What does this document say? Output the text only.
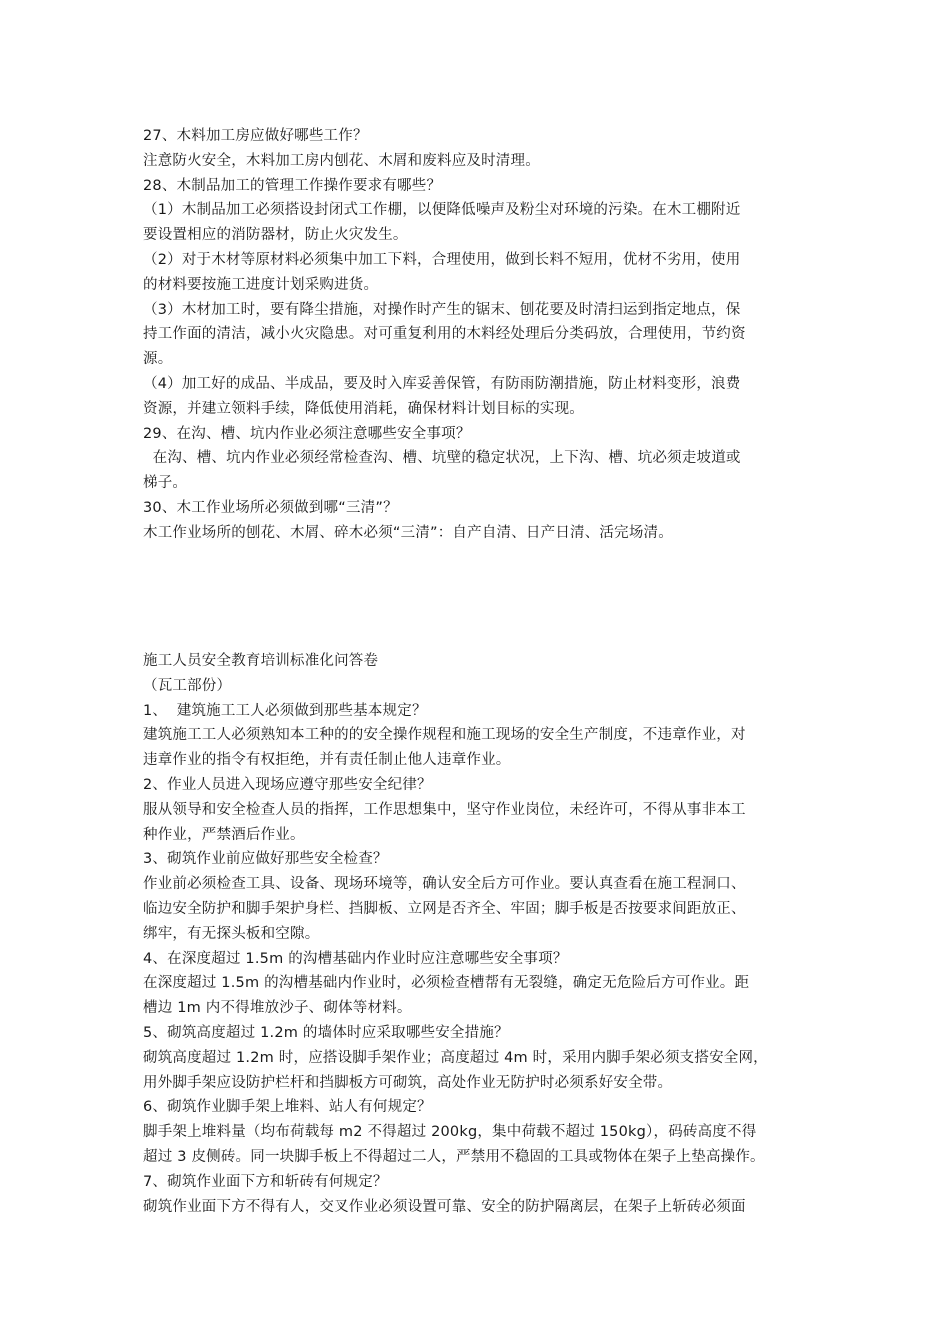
27、木料加工房应做好哪些工作？
注意防火安全，木料加工房内刨花、木屑和废料应及时清理。
28、木制品加工的管理工作操作要求有哪些？
（1）木制品加工必须搭设封闭式工作棚，以便降低噪声及粉尘对环境的污染。在木工棚附近
要设置相应的消防器材，防止火灾发生。
（2）对于木材等原材料必须集中加工下料，合理使用，做到长料不短用，优材不劣用，使用
的材料要按施工进度计划采购进货。
（3）木材加工时，要有降尘措施，对操作时产生的锯末、刨花要及时清扫运到指定地点，保
持工作面的清洁，减小火灾隐患。对可重复利用的木料经处理后分类码放，合理使用，节约资
源。
（4）加工好的成品、半成品，要及时入库妥善保管，有防雨防潮措施，防止材料变形，浪费
资源，并建立领料手续，降低使用消耗，确保材料计划目标的实现。
29、在沟、槽、坑内作业必须注意哪些安全事项？
在沟、槽、坑内作业必须经常检查沟、槽、坑壁的稳定状况，上下沟、槽、坑必须走坡道或
梯子。
30、木工作业场所必须做到哪“三清”？
木工作业场所的刨花、木屑、碎木必须“三清”：自产自清、日产日清、活完场清。
施工人员安全教育培训标准化问答卷
（瓦工部份）
1、  建筑施工工人必须做到那些基本规定？
建筑施工工人必须熟知本工种的的安全操作规程和施工现场的安全生产制度，不违章作业，对
违章作业的指令有权拒绝，并有责任制止他人违章作业。
2、作业人员进入现场应遵守那些安全纪律？
服从领导和安全检查人员的指挥，工作思想集中，坚守作业岗位，未经许可，不得从事非本工
种作业，严禁酒后作业。
3、砌筑作业前应做好那些安全检查？
作业前必须检查工具、设备、现场环境等，确认安全后方可作业。要认真查看在施工程洞口、
临边安全防护和脚手架护身栏、挡脚板、立网是否齐全、牢固；脚手板是否按要求间距放正、
绑牢，有无探头板和空隙。
4、在深度超过 1.5m 的沟槽基础内作业时应注意哪些安全事项？
在深度超过 1.5m 的沟槽基础内作业时，必须检查槽帮有无裂缝，确定无危险后方可作业。距
槽边 1m 内不得堆放沙子、砌体等材料。
5、砌筑高度超过 1.2m 的墙体时应采取哪些安全措施？
砌筑高度超过 1.2m 时，应搭设脚手架作业；高度超过 4m 时，采用内脚手架必须支搭安全网，
用外脚手架应设防护栏杆和挡脚板方可砌筑，高处作业无防护时必须系好安全带。
6、砌筑作业脚手架上堆料、站人有何规定？
脚手架上堆料量（均布荷载每 m2 不得超过 200kg，集中荷载不超过 150kg），码砖高度不得
超过 3 皮侧砖。同一块脚手板上不得超过二人，严禁用不稳固的工具或物体在架子上垫高操作。
7、砌筑作业面下方和斩砖有何规定？
砌筑作业面下方不得有人，交叉作业必须设置可靠、安全的防护隔离层，在架子上斩砖必须面
